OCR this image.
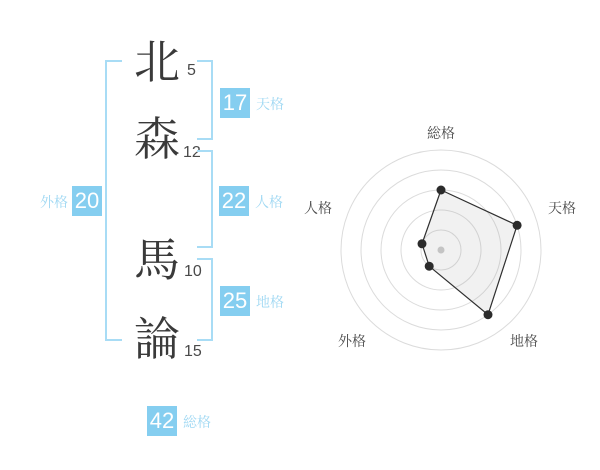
北
森
馬
論
5
12
10
15
17 天格
22 人格
25 地格
外格 20
42 総格
総格
天格
地格
外格
人格
